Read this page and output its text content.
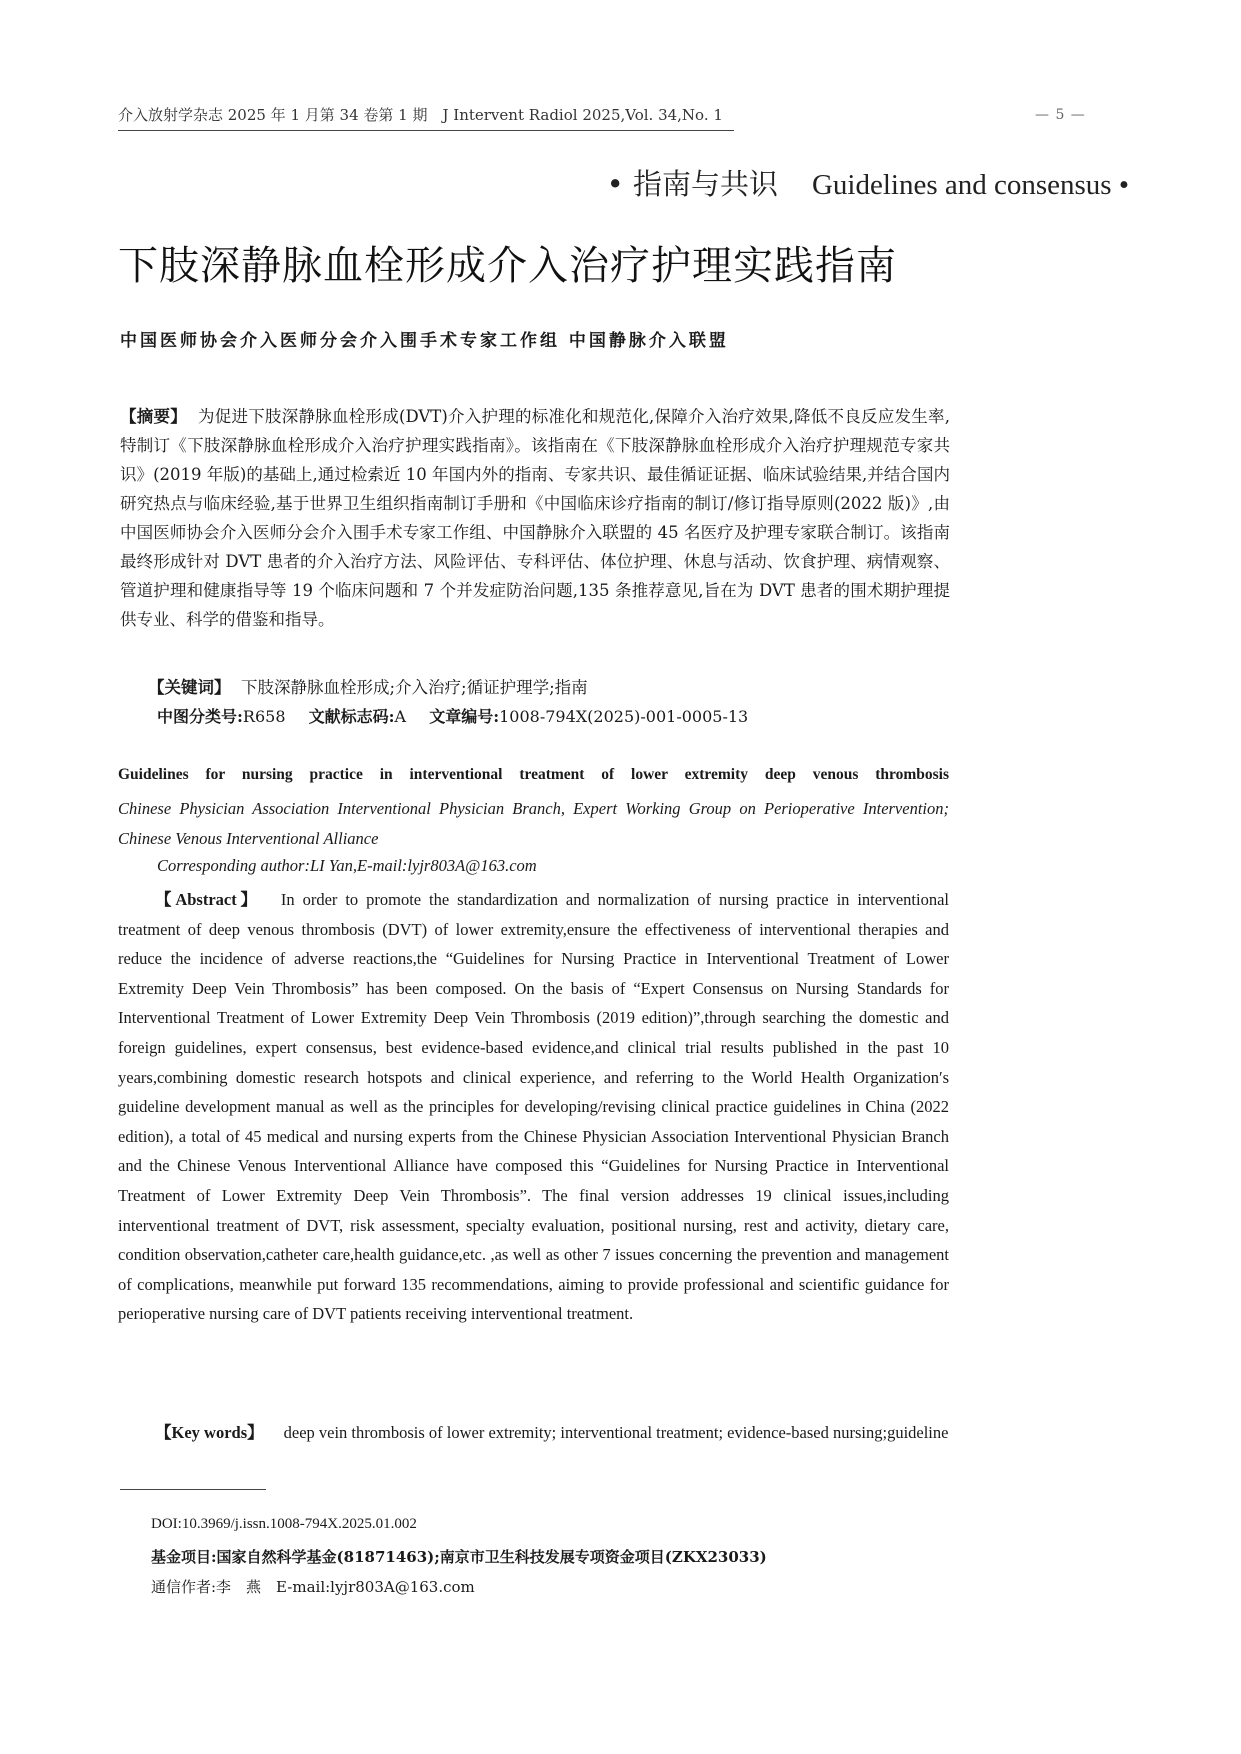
介入放射学杂志 2025 年 1 月第 34 卷第 1 期　J Intervent Radiol 2025,Vol. 34,No. 1	— 5 —
• 指南与共识 Guidelines and consensus •
下肢深静脉血栓形成介入治疗护理实践指南
中国医师协会介入医师分会介入围手术专家工作组 中国静脉介入联盟
【摘要】 为促进下肢深静脉血栓形成(DVT)介入护理的标准化和规范化,保障介入治疗效果,降低不良反应发生率,特制订《下肢深静脉血栓形成介入治疗护理实践指南》。该指南在《下肢深静脉血栓形成介入治疗护理规范专家共识》(2019 年版)的基础上,通过检索近 10 年国内外的指南、专家共识、最佳循证证据、临床试验结果,并结合国内研究热点与临床经验,基于世界卫生组织指南制订手册和《中国临床诊疗指南的制订/修订指导原则(2022 版)》,由中国医师协会介入医师分会介入围手术专家工作组、中国静脉介入联盟的 45 名医疗及护理专家联合制订。该指南最终形成针对 DVT 患者的介入治疗方法、风险评估、专科评估、体位护理、休息与活动、饮食护理、病情观察、管道护理和健康指导等 19 个临床问题和 7 个并发症防治问题,135 条推荐意见,旨在为 DVT 患者的围术期护理提供专业、科学的借鉴和指导。
【关键词】 下肢深静脉血栓形成;介入治疗;循证护理学;指南
中图分类号:R658 文献标志码:A 文章编号:1008-794X(2025)-001-0005-13
Guidelines for nursing practice in interventional treatment of lower extremity deep venous thrombosis
Chinese Physician Association Interventional Physician Branch, Expert Working Group on Perioperative Intervention; Chinese Venous Interventional Alliance
Corresponding author:LI Yan,E-mail:lyjr803A@163.com
【Abstract】 In order to promote the standardization and normalization of nursing practice in interventional treatment of deep venous thrombosis (DVT) of lower extremity,ensure the effectiveness of interventional therapies and reduce the incidence of adverse reactions,the “Guidelines for Nursing Practice in Interventional Treatment of Lower Extremity Deep Vein Thrombosis” has been composed. On the basis of “Expert Consensus on Nursing Standards for Interventional Treatment of Lower Extremity Deep Vein Thrombosis (2019 edition)”,through searching the domestic and foreign guidelines, expert consensus, best evidence-based evidence,and clinical trial results published in the past 10 years,combining domestic research hotspots and clinical experience, and referring to the World Health Organization′s guideline development manual as well as the principles for developing/revising clinical practice guidelines in China (2022 edition), a total of 45 medical and nursing experts from the Chinese Physician Association Interventional Physician Branch and the Chinese Venous Interventional Alliance have composed this “Guidelines for Nursing Practice in Interventional Treatment of Lower Extremity Deep Vein Thrombosis”. The final version addresses 19 clinical issues,including interventional treatment of DVT, risk assessment, specialty evaluation, positional nursing, rest and activity, dietary care, condition observation,catheter care,health guidance,etc. ,as well as other 7 issues concerning the prevention and management of complications, meanwhile put forward 135 recommendations, aiming to provide professional and scientific guidance for perioperative nursing care of DVT patients receiving interventional treatment.
【Key words】 deep vein thrombosis of lower extremity; interventional treatment; evidence-based nursing;guideline
DOI:10.3969/j.issn.1008-794X.2025.01.002
基金项目:国家自然科学基金(81871463);南京市卫生科技发展专项资金项目(ZKX23033)
通信作者:李　燕　E-mail:lyjr803A@163.com
